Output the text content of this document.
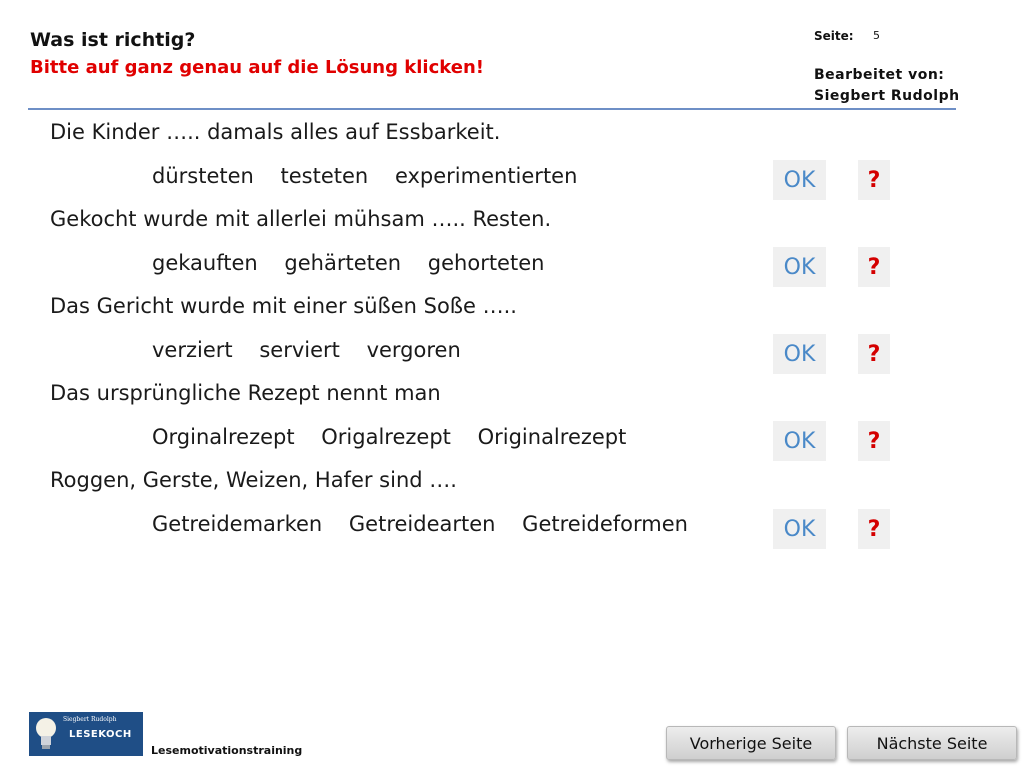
Was ist richtig?
Bitte auf ganz genau auf die Lösung klicken!
Seite: 5
Bearbeitet von:
Siegbert Rudolph
Die Kinder ….. damals alles auf Essbarkeit.
dürsteten testeten experimentierten	OK	?
Gekocht wurde mit allerlei mühsam ….. Resten.
gekauften gehärteten gehorteten	OK	?
Das Gericht wurde mit einer süßen Soße …..
verziert serviert vergoren	OK	?
Das ursprüngliche Rezept nennt man
Orginalrezept Origalrezept Originalrezept	OK	?
Roggen, Gerste, Weizen, Hafer sind ….
Getreidemarken Getreidearten Getreideformen	OK	?
Siegbert Rudolph
LESEKOCH
Lesemotivationstraining	Vorherige Seite	Nächste Seite
